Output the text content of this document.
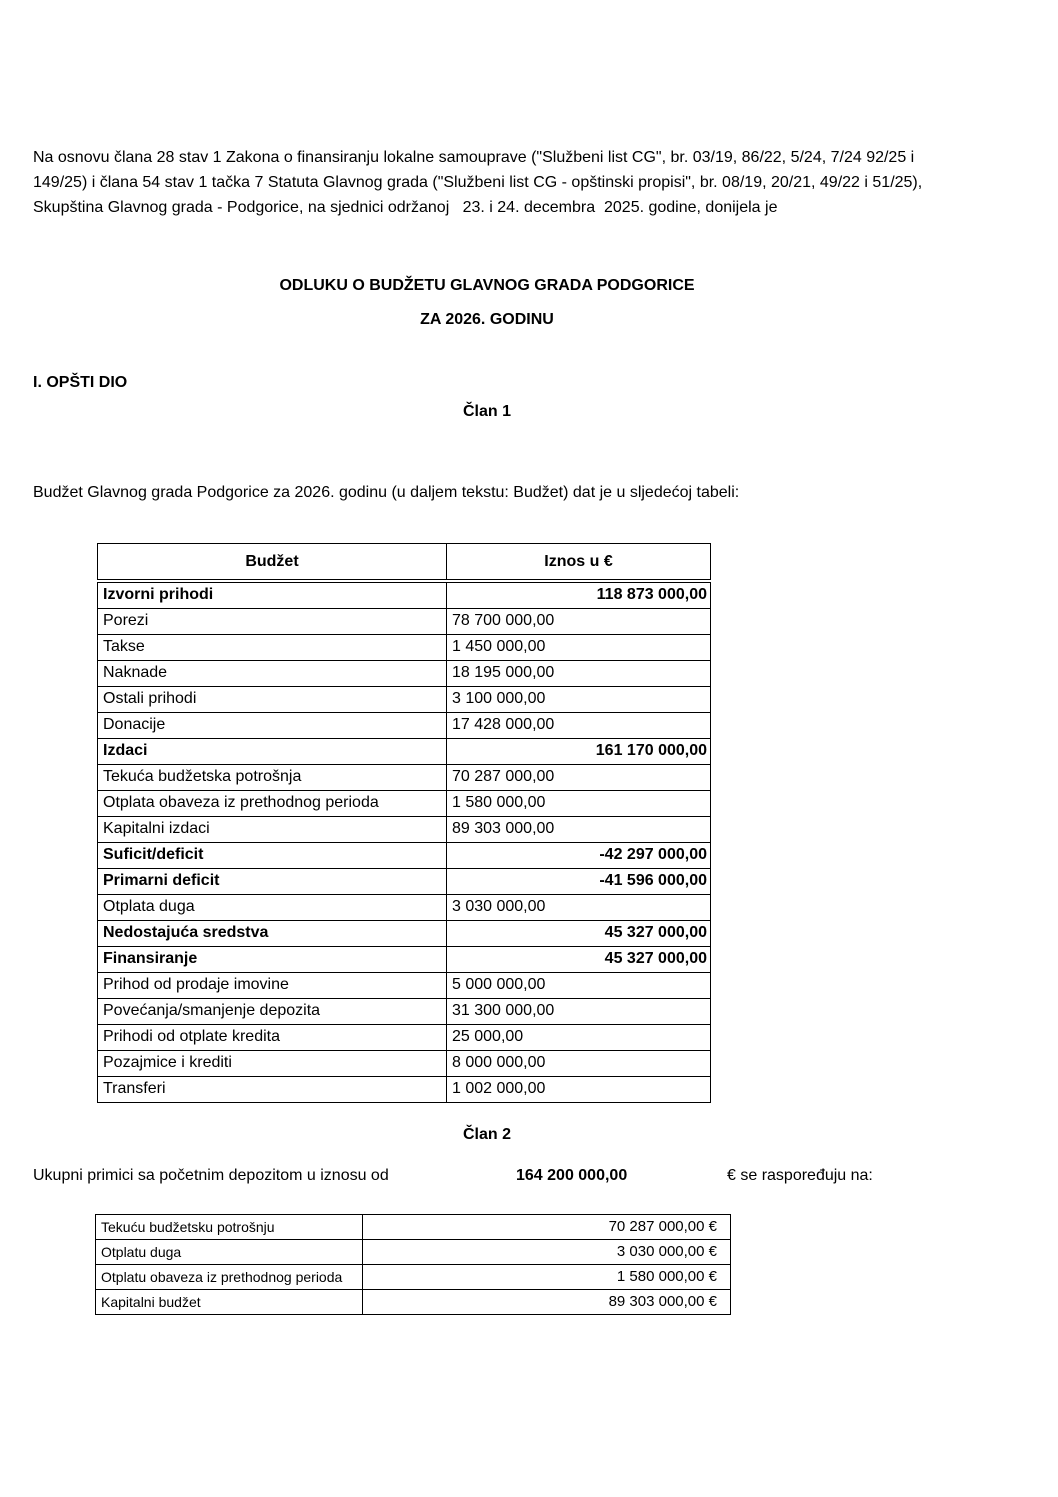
Na osnovu člana 28 stav 1 Zakona o finansiranju lokalne samouprave ("Službeni list CG", br. 03/19, 86/22, 5/24, 7/24 92/25 i
149/25) i člana 54 stav 1 tačka 7 Statuta Glavnog grada ("Službeni list CG - opštinski propisi", br. 08/19, 20/21, 49/22 i 51/25),
Skupština Glavnog grada - Podgorice, na sjednici održanoj   23. i 24. decembra  2025. godine, donijela je

ODLUKU O BUDŽETU GLAVNOG GRADA PODGORICE
ZA 2026. GODINU
I. OPŠTI DIO
Član 1

Budžet Glavnog grada Podgorice za 2026. godinu (u daljem tekstu: Budžet) dat je u sljedećoj tabeli:

Budžet	Iznos u €
Izvorni prihodi	118 873 000,00
Porezi	78 700 000,00
Takse	1 450 000,00
Naknade	18 195 000,00
Ostali prihodi	3 100 000,00
Donacije	17 428 000,00
Izdaci	161 170 000,00
Tekuća budžetska potrošnja	70 287 000,00
Otplata obaveza iz prethodnog perioda	1 580 000,00
Kapitalni izdaci	89 303 000,00
Suficit/deficit	-42 297 000,00
Primarni deficit	-41 596 000,00
Otplata duga	3 030 000,00
Nedostajuća sredstva	45 327 000,00
Finansiranje	45 327 000,00
Prihod od prodaje imovine	5 000 000,00
Povećanja/smanjenje depozita	31 300 000,00
Prihodi od otplate kredita	25 000,00
Pozajmice i krediti	8 000 000,00
Transferi	1 002 000,00
Član 2

Ukupni primici sa početnim depozitom u iznosu od	164 200 000,00	€ se raspoređuju na:

Tekuću budžetsku potrošnju	70 287 000,00 €
Otplatu duga	3 030 000,00 €
Otplatu obaveza iz prethodnog perioda	1 580 000,00 €
Kapitalni budžet	89 303 000,00 €
